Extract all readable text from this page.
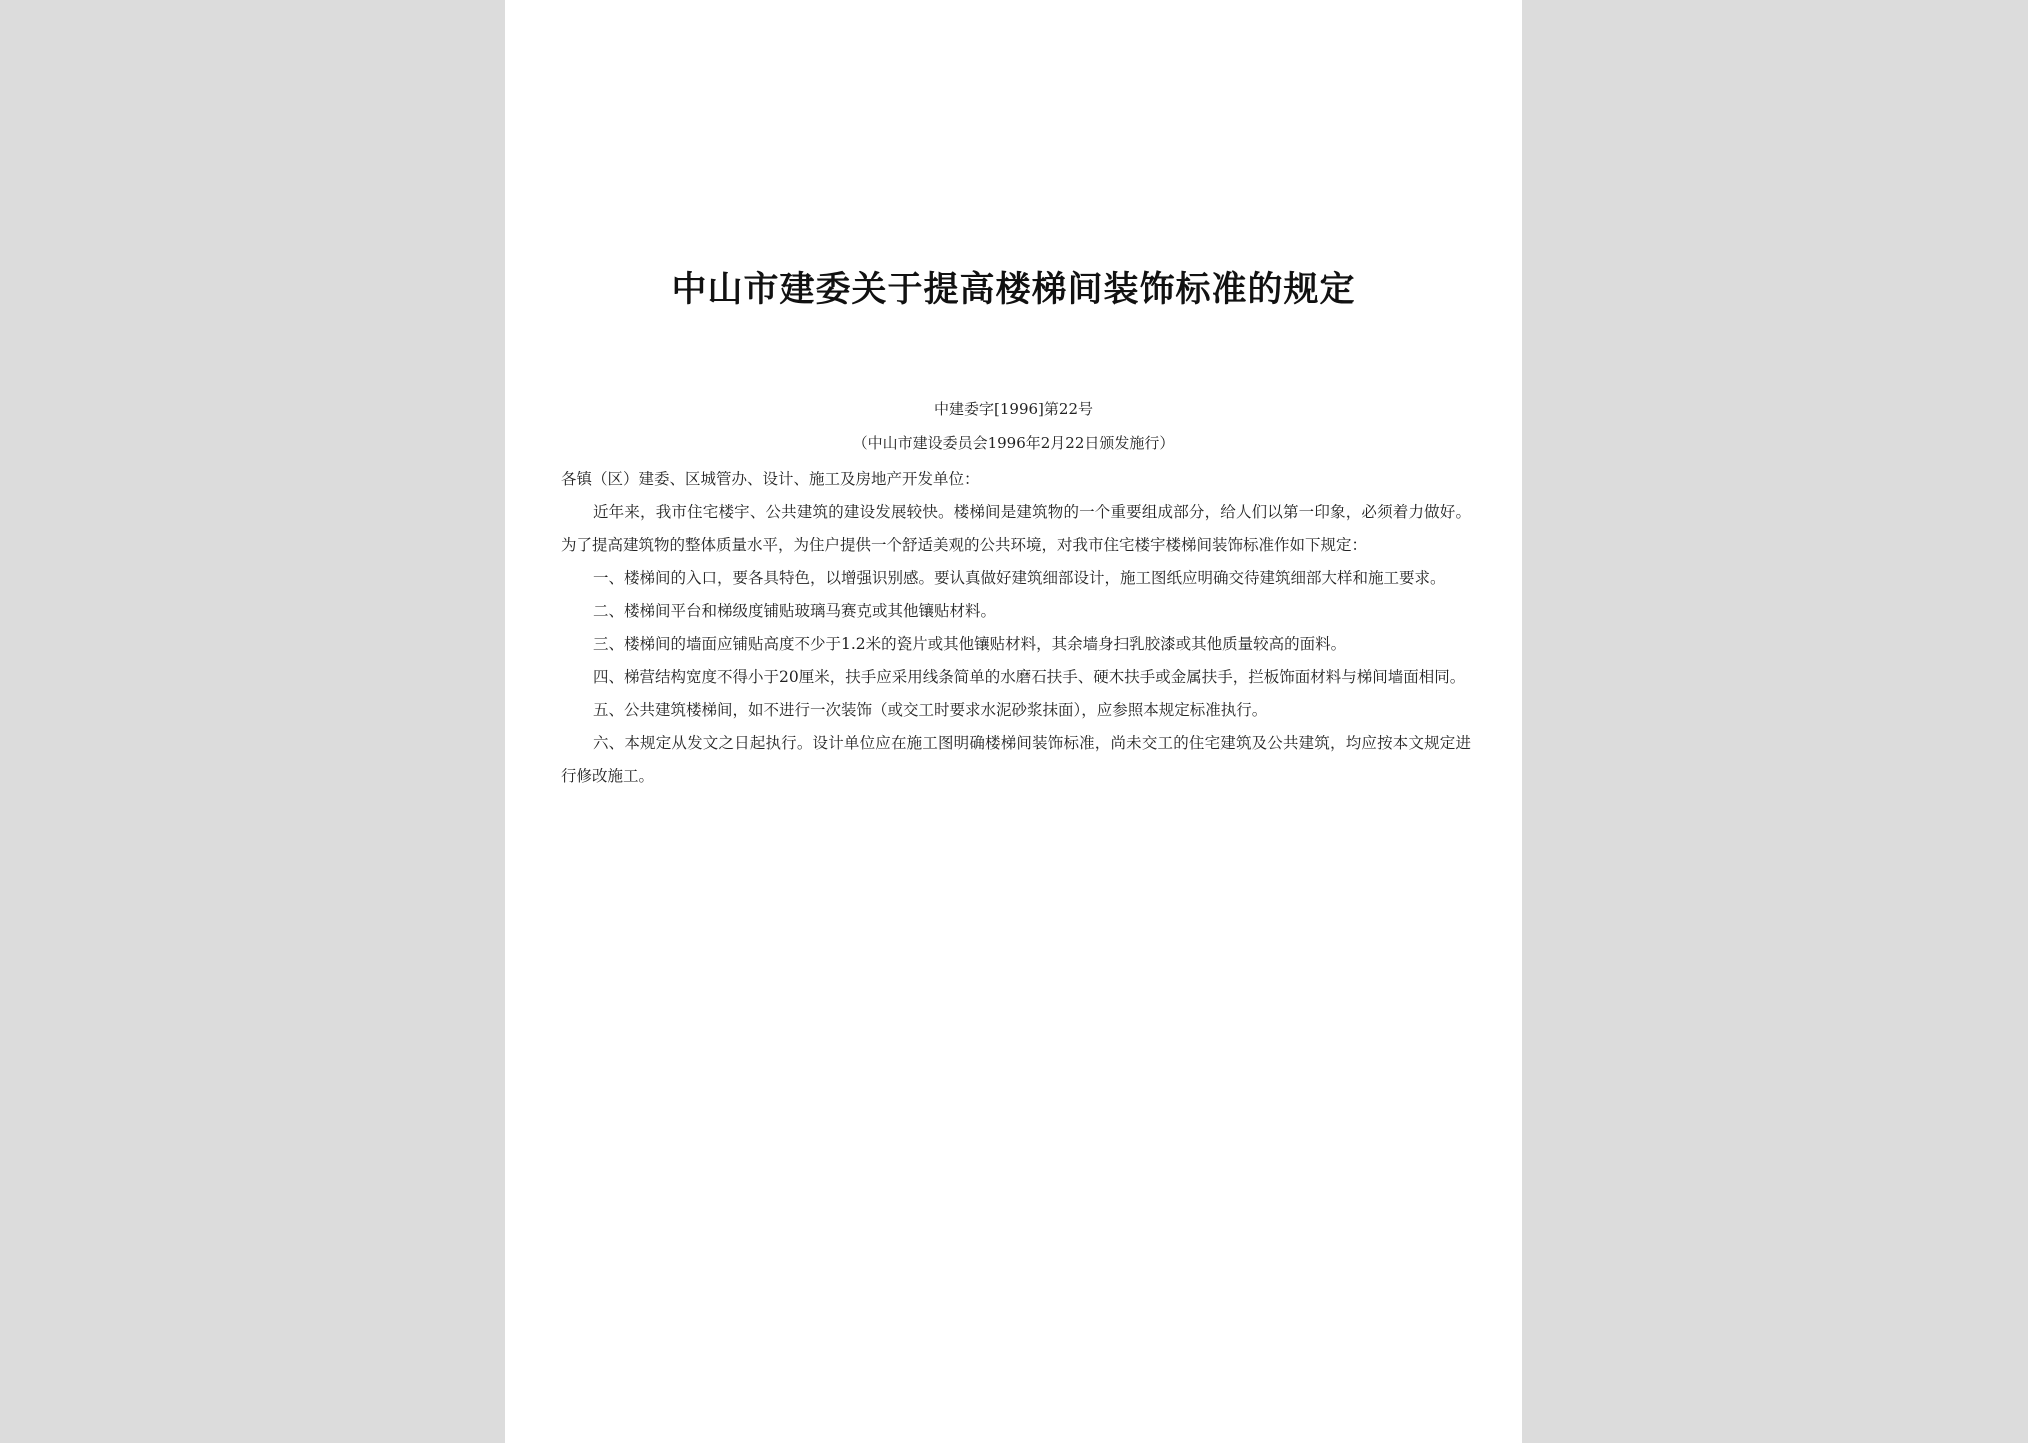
中山市建委关于提高楼梯间装饰标准的规定
中建委字[1996]第22号
（中山市建设委员会1996年2月22日颁发施行）

各镇（区）建委、区城管办、设计、施工及房地产开发单位：

近年来，我市住宅楼宇、公共建筑的建设发展较快。楼梯间是建筑物的一个重要组成部分，给人们以第一印象，必须着力做好。为了提高建筑物的整体质量水平，为住户提供一个舒适美观的公共环境，对我市住宅楼宇楼梯间装饰标准作如下规定：

一、楼梯间的入口，要各具特色，以增强识别感。要认真做好建筑细部设计，施工图纸应明确交待建筑细部大样和施工要求。

二、楼梯间平台和梯级度铺贴玻璃马赛克或其他镶贴材料。

三、楼梯间的墙面应铺贴高度不少于1.2米的瓷片或其他镶贴材料，其余墙身扫乳胶漆或其他质量较高的面料。

四、梯营结构宽度不得小于20厘米，扶手应采用线条简单的水磨石扶手、硬木扶手或金属扶手，拦板饰面材料与梯间墙面相同。

五、公共建筑楼梯间，如不进行一次装饰（或交工时要求水泥砂浆抹面），应参照本规定标准执行。

六、本规定从发文之日起执行。设计单位应在施工图明确楼梯间装饰标准，尚未交工的住宅建筑及公共建筑，均应按本文规定进行修改施工。
